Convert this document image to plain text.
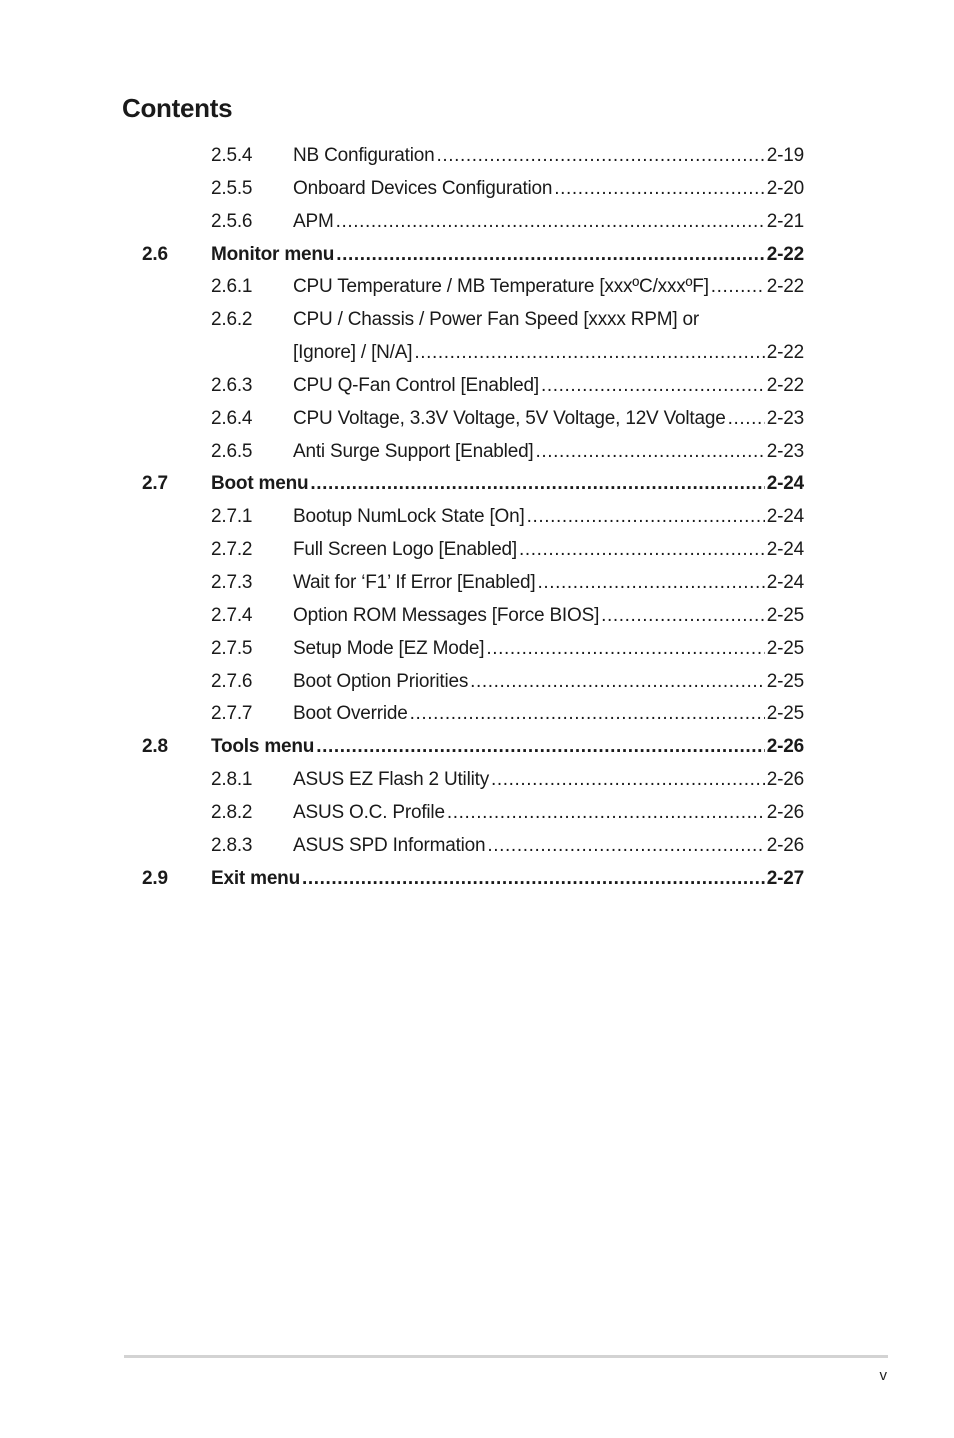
Contents
2.5.4 NB Configuration .....	2-19
2.5.5 Onboard Devices Configuration .....	2-20
2.5.6 APM .....	2-21
2.6 Monitor menu .....	2-22
2.6.1 CPU Temperature / MB Temperature [xxxºC/xxxºF] .....	2-22
2.6.2 CPU / Chassis / Power Fan Speed [xxxx RPM] or
[Ignore] / [N/A] .....	2-22
2.6.3 CPU Q-Fan Control [Enabled] .....	2-22
2.6.4 CPU Voltage, 3.3V Voltage, 5V Voltage, 12V Voltage ..... 2-23
2.6.5 Anti Surge Support [Enabled] .....	2-23
2.7 Boot menu .....	2-24
2.7.1 Bootup NumLock State [On] .....	2-24
2.7.2 Full Screen Logo [Enabled] .....	2-24
2.7.3 Wait for ‘F1’ If Error [Enabled] .....	2-24
2.7.4 Option ROM Messages [Force BIOS] .....	2-25
2.7.5 Setup Mode [EZ Mode] .....	2-25
2.7.6 Boot Option Priorities .....	2-25
2.7.7 Boot Override .....	2-25
2.8 Tools menu .....	2-26
2.8.1 ASUS EZ Flash 2 Utility .....	2-26
2.8.2 ASUS O.C. Profile .....	2-26
2.8.3 ASUS SPD Information .....	2-26
2.9 Exit menu .....	2-27
v
